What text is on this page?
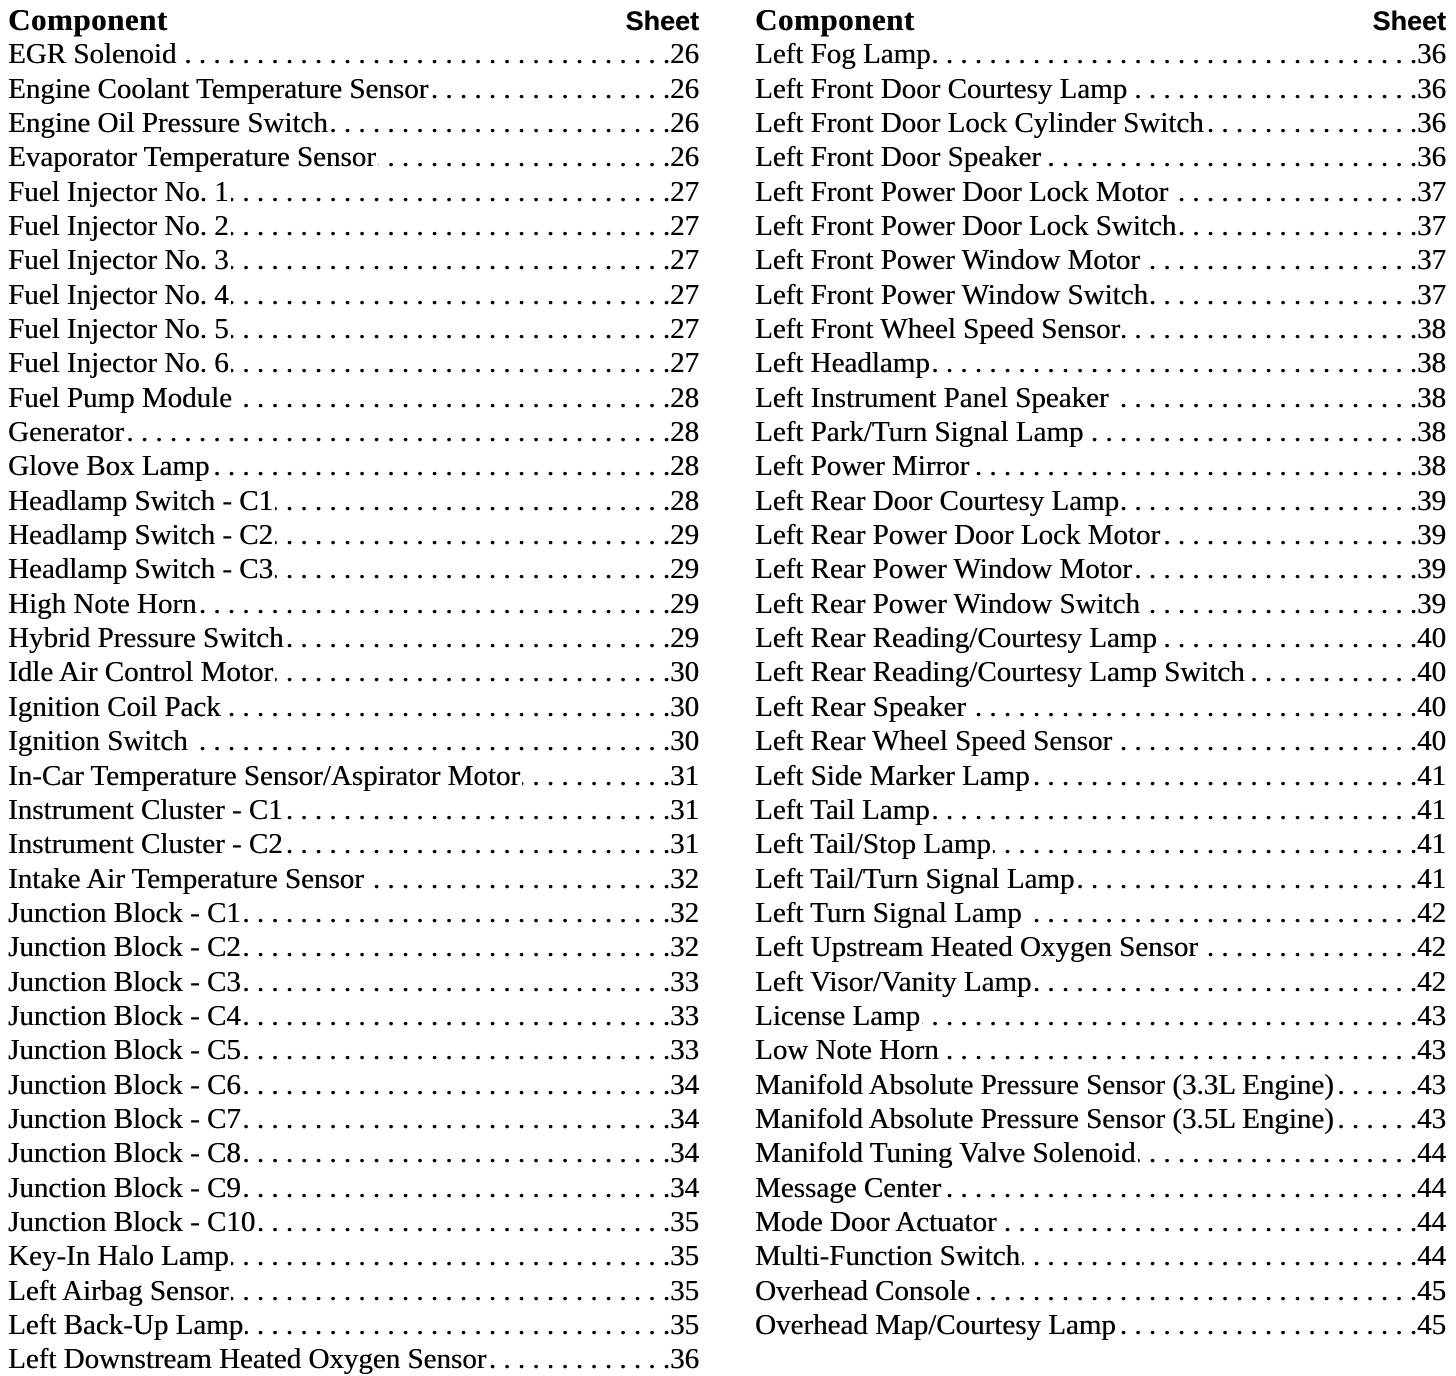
Component	Sheet
EGR Solenoid . . .	26
Engine Coolant Temperature Sensor . . .	26
Engine Oil Pressure Switch . . .	26
Evaporator Temperature Sensor . . .	26
Fuel Injector No. 1 . . .	27
Fuel Injector No. 2 . . .	27
Fuel Injector No. 3 . . .	27
Fuel Injector No. 4 . . .	27
Fuel Injector No. 5 . . .	27
Fuel Injector No. 6 . . .	27
Fuel Pump Module . . .	28
Generator . . .	28
Glove Box Lamp . . .	28
Headlamp Switch - C1 . . .	28
Headlamp Switch - C2 . . .	29
Headlamp Switch - C3 . . .	29
High Note Horn . . .	29
Hybrid Pressure Switch . . .	29
Idle Air Control Motor . . .	30
Ignition Coil Pack . . .	30
Ignition Switch . . .	30
In-Car Temperature Sensor/Aspirator Motor . . .	31
Instrument Cluster - C1 . . .	31
Instrument Cluster - C2 . . .	31
Intake Air Temperature Sensor . . .	32
Junction Block - C1 . . .	32
Junction Block - C2 . . .	32
Junction Block - C3 . . .	33
Junction Block - C4 . . .	33
Junction Block - C5 . . .	33
Junction Block - C6 . . .	34
Junction Block - C7 . . .	34
Junction Block - C8 . . .	34
Junction Block - C9 . . .	34
Junction Block - C10 . . .	35
Key-In Halo Lamp . . .	35
Left Airbag Sensor . . .	35
Left Back-Up Lamp . . .	35
Left Downstream Heated Oxygen Sensor . . .	36
Component	Sheet
Left Fog Lamp . . .	36
Left Front Door Courtesy Lamp . . .	36
Left Front Door Lock Cylinder Switch . . .	36
Left Front Door Speaker . . .	36
Left Front Power Door Lock Motor . . .	37
Left Front Power Door Lock Switch . . .	37
Left Front Power Window Motor . . .	37
Left Front Power Window Switch . . .	37
Left Front Wheel Speed Sensor . . .	38
Left Headlamp . . .	38
Left Instrument Panel Speaker . . .	38
Left Park/Turn Signal Lamp . . .	38
Left Power Mirror . . .	38
Left Rear Door Courtesy Lamp . . .	39
Left Rear Power Door Lock Motor . . .	39
Left Rear Power Window Motor . . .	39
Left Rear Power Window Switch . . .	39
Left Rear Reading/Courtesy Lamp . . .	40
Left Rear Reading/Courtesy Lamp Switch . . .	40
Left Rear Speaker . . .	40
Left Rear Wheel Speed Sensor . . .	40
Left Side Marker Lamp . . .	41
Left Tail Lamp . . .	41
Left Tail/Stop Lamp . . .	41
Left Tail/Turn Signal Lamp . . .	41
Left Turn Signal Lamp . . .	42
Left Upstream Heated Oxygen Sensor . . .	42
Left Visor/Vanity Lamp . . .	42
License Lamp . . .	43
Low Note Horn . . .	43
Manifold Absolute Pressure Sensor (3.3L Engine) . . .	43
Manifold Absolute Pressure Sensor (3.5L Engine) . . .	43
Manifold Tuning Valve Solenoid . . .	44
Message Center . . .	44
Mode Door Actuator . . .	44
Multi-Function Switch . . .	44
Overhead Console . . .	45
Overhead Map/Courtesy Lamp . . .	45
